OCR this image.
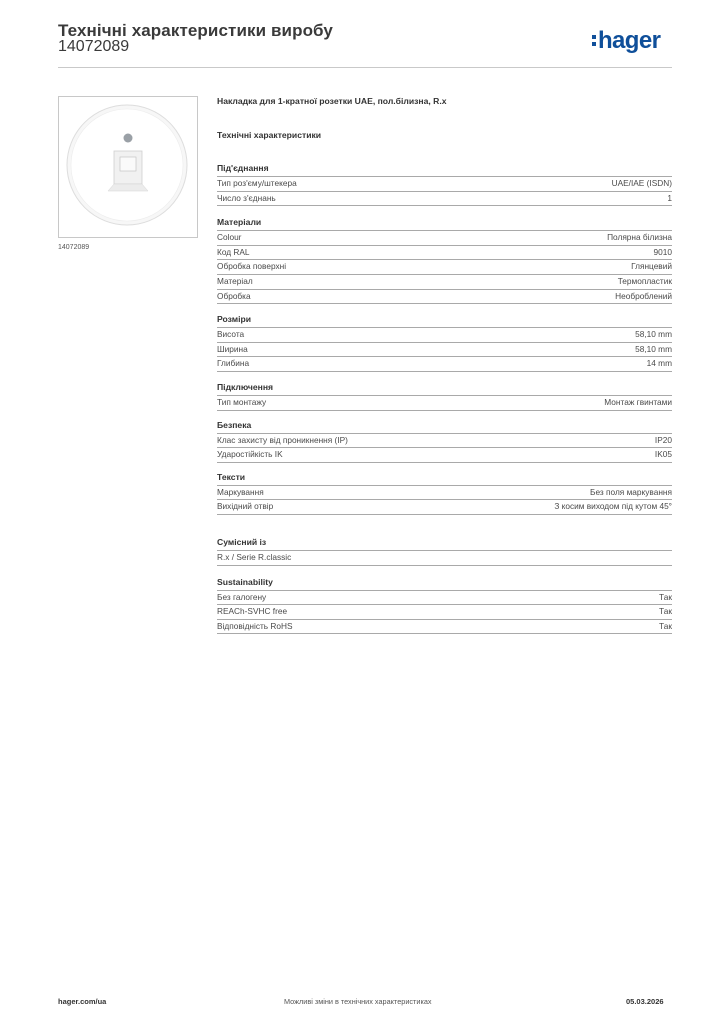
Технічні характеристики виробу
14072089	hager
14072089
Накладка для 1-кратної розетки UAE, пол.білизна, R.x
Технічні характеристики
Під'єднання
Тип роз'єму/штекера	UAE/IAE (ISDN)
Число з'єднань	1
Матеріали
Colour	Полярна білизна
Код RAL	9010
Обробка поверхні	Глянцевий
Матеріал	Термопластик
Обробка	Необроблений
Розміри
Висота	58,10 mm
Ширина	58,10 mm
Глибина	14 mm
Підключення
Тип монтажу	Монтаж гвинтами
Безпека
Клас захисту від проникнення (IP)	IP20
Ударостійкість IK	IK05
Тексти
Маркування	Без поля маркування
Вихідний отвір	З косим виходом під кутом 45°
Сумісний із
R.x / Serie R.classic
Sustainability
Без галогену	Так
REACh-SVHC free	Так
Відповідність RoHS	Так
hager.com/ua	Можливі зміни в технічних характеристиках	05.03.2026
